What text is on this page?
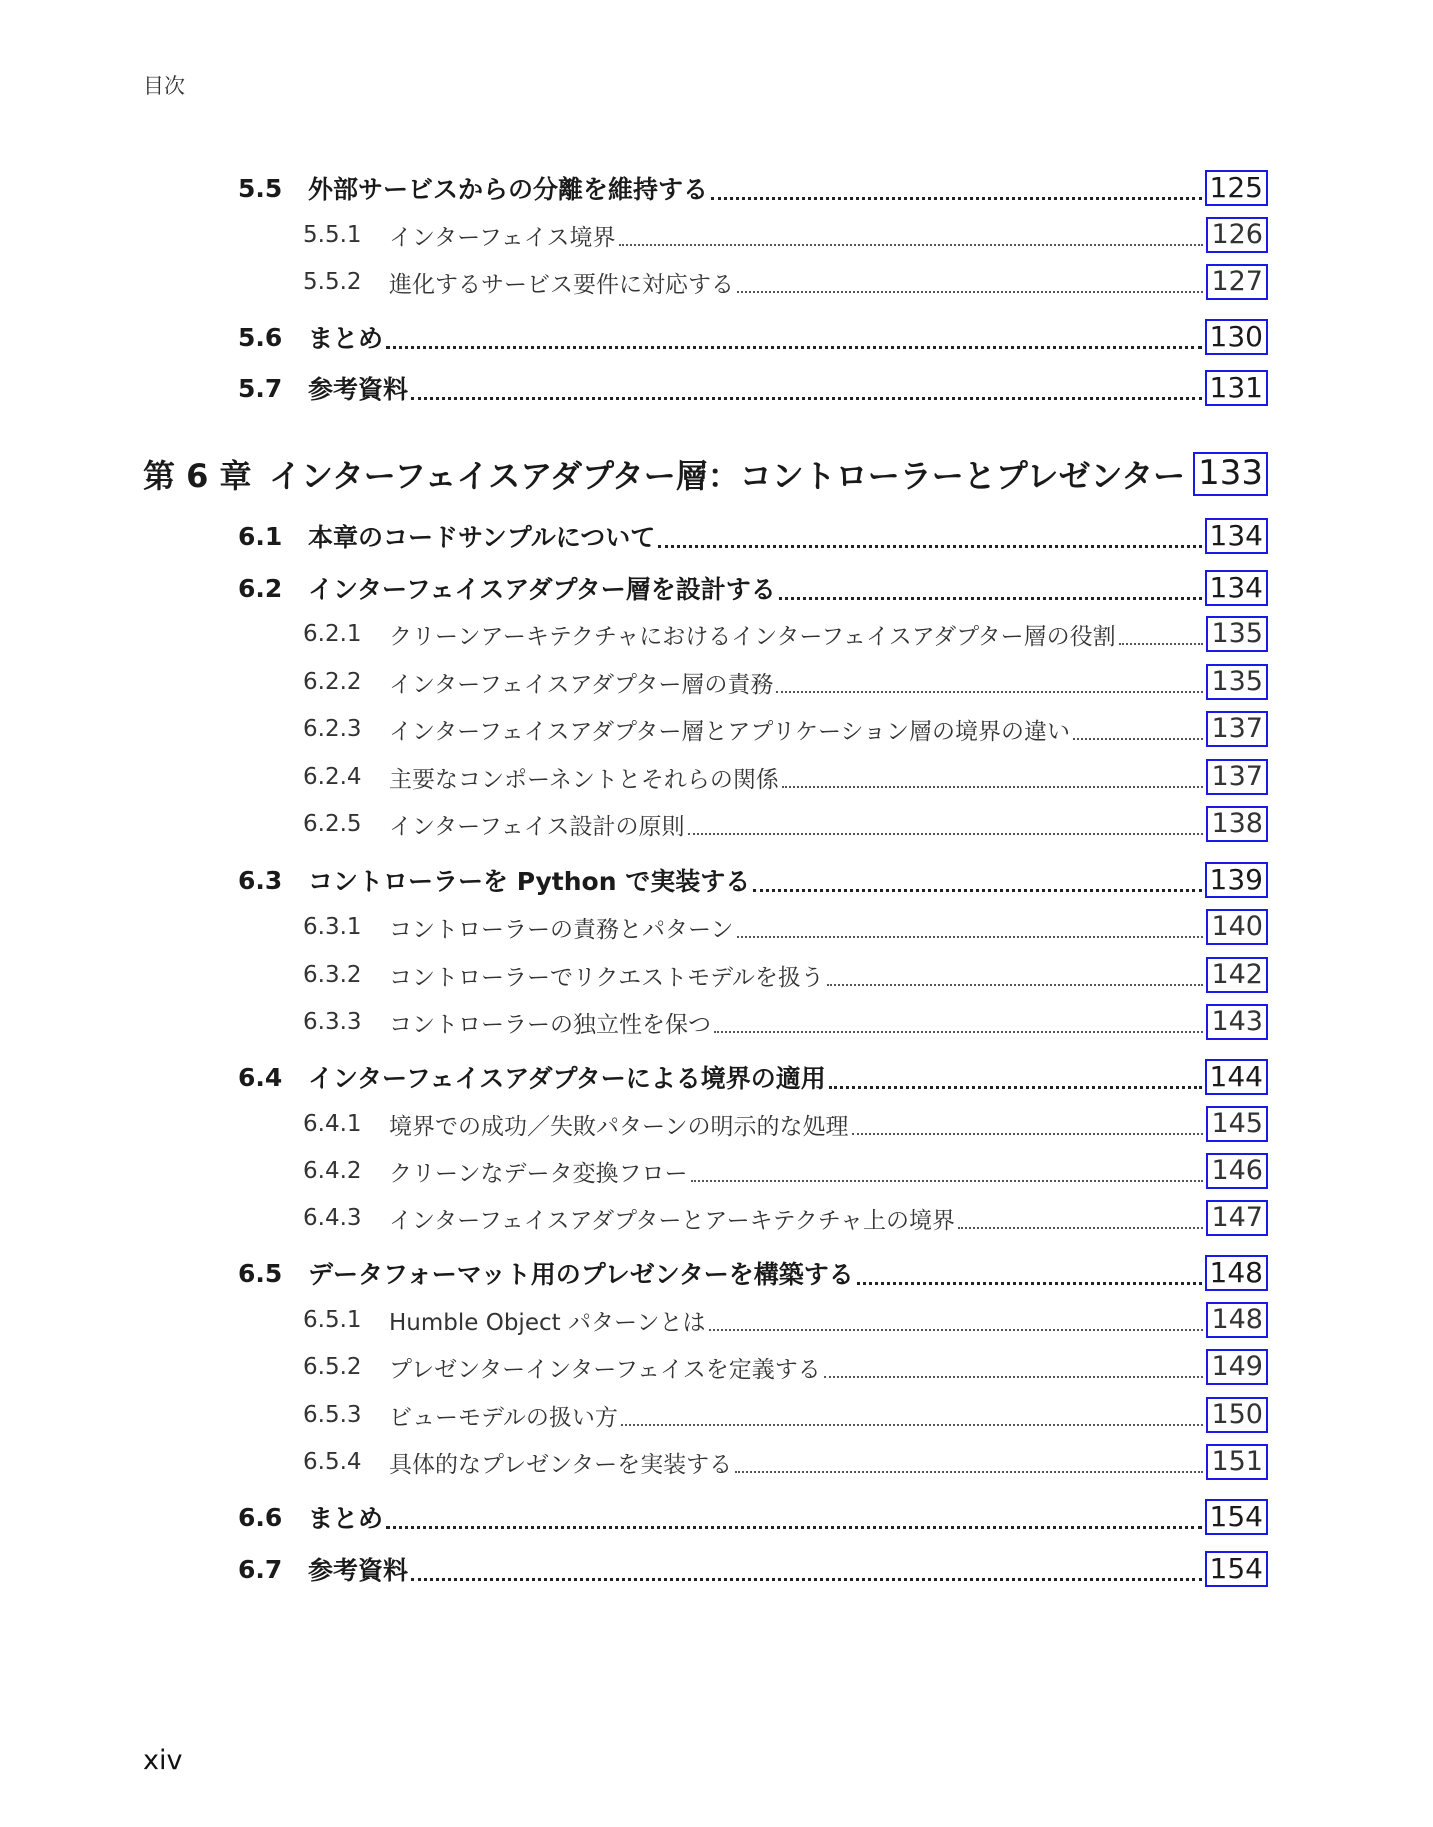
目次
5.5	外部サービスからの分離を維持する	125
5.5.1	インターフェイス境界	126
5.5.2	進化するサービス要件に対応する	127
5.6	まとめ	130
5.7	参考資料	131
第 6 章 インターフェイスアダプター層：コントローラーとプレゼンター 133
6.1	本章のコードサンプルについて	134
6.2	インターフェイスアダプター層を設計する	134
6.2.1	クリーンアーキテクチャにおけるインターフェイスアダプター層の役割	135
6.2.2	インターフェイスアダプター層の責務	135
6.2.3	インターフェイスアダプター層とアプリケーション層の境界の違い	137
6.2.4	主要なコンポーネントとそれらの関係	137
6.2.5	インターフェイス設計の原則	138
6.3	コントローラーを Python で実装する	139
6.3.1	コントローラーの責務とパターン	140
6.3.2	コントローラーでリクエストモデルを扱う	142
6.3.3	コントローラーの独立性を保つ	143
6.4	インターフェイスアダプターによる境界の適用	144
6.4.1	境界での成功／失敗パターンの明示的な処理	145
6.4.2	クリーンなデータ変換フロー	146
6.4.3	インターフェイスアダプターとアーキテクチャ上の境界	147
6.5	データフォーマット用のプレゼンターを構築する	148
6.5.1	Humble Object パターンとは	148
6.5.2	プレゼンターインターフェイスを定義する	149
6.5.3	ビューモデルの扱い方	150
6.5.4	具体的なプレゼンターを実装する	151
6.6	まとめ	154
6.7	参考資料	154
xiv
